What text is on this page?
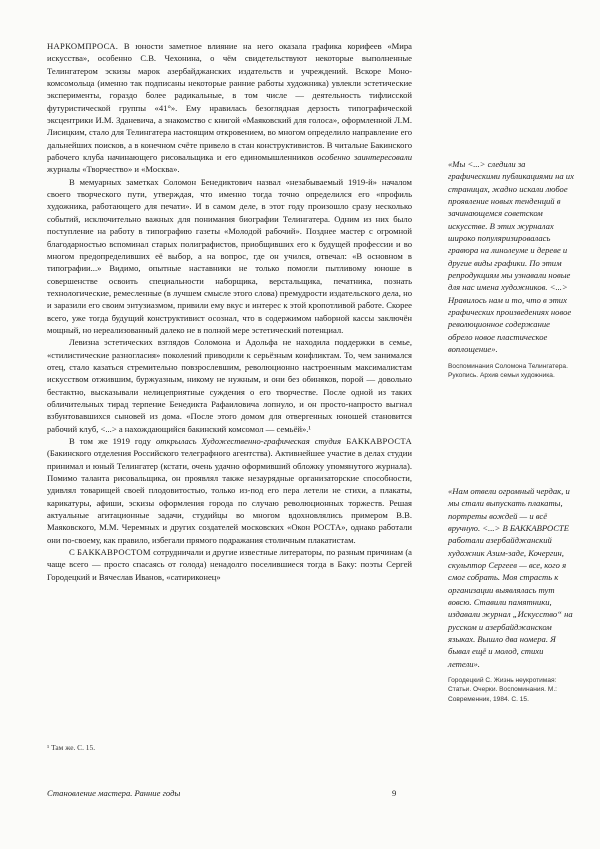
НАРКОМПРОСА. В юности заметное влияние на него оказала графика корифеев «Мира искусства», особенно С.В. Чехонина, о чём свидетельствуют некоторые выполненные Телингатером эскизы марок азербайджанских издательств и учреждений. Вскоре Моно-комсомольца (именно так подписаны некоторые ранние работы художника) увлекли эстетические эксперименты, гораздо более радикальные, в том числе — деятельность тифлисской футуристической группы «41°». Ему нравилась безоглядная дерзость типографической эксцентрики И.М. Зданевича, а знакомство с книгой «Маяковский для голоса», оформленной Л.М. Лисицким, стало для Телингатера настоящим откровением, во многом определило направление его дальнейших поисков, а в конечном счёте привело в стан конструктивистов. В читальне Бакинского рабочего клуба начинающего рисовальщика и его единомышленников особенно заинтересовали журналы «Творчество» и «Москва».

В мемуарных заметках Соломон Бенедиктович назвал «незабываемый 1919-й» началом своего творческого пути, утверждая, что именно тогда точно определился его «профиль художника, работающего для печати». И в самом деле, в этот году произошло сразу несколько событий, исключительно важных для понимания биографии Телингатера. Одним из них было поступление на работу в типографию газеты «Молодой рабочий». Позднее мастер с огромной благодарностью вспоминал старых полиграфистов, приобщивших его к будущей профессии и во многом предопределивших её выбор, а на вопрос, где он учился, отвечал: «В основном в типографии...» Видимо, опытные наставники не только помогли пытливому юноше в совершенстве освоить специальности наборщика, верстальщика, печатника, познать технологические, ремесленные (в лучшем смысле этого слова) премудрости издательского дела, но и заразили его своим энтузиазмом, привили ему вкус и интерес к этой кропотливой работе. Скорее всего, уже тогда будущий конструктивист осознал, что в содержимом наборной кассы заключён мощный, но нереализованный далеко не в полной мере эстетический потенциал.

Левизна эстетических взглядов Соломона и Адольфа не находила поддержки в семье, «стилистические разногласия» поколений приводили к серьёзным конфликтам. То, чем занимался отец, стало казаться стремительно повзрослевшим, революционно настроенным максималистам искусством отжившим, буржуазным, никому не нужным, и они без обиняков, порой — довольно бестактно, высказывали нелицеприятные суждения о его творчестве. После одной из таких обличительных тирад терпение Бенедикта Рафаиловича лопнуло, и он просто-напросто выгнал взбунтовавшихся сыновей из дома. «После этого домом для отвергенных юношей становится рабочий клуб, <...> а нахождающийся бакинский комсомол — семьёй».¹

В том же 1919 году открылась Художественно-графическая студия БАККАВРОСТА (Бакинского отделения Российского телеграфного агентства). Активнейшее участие в делах студии принимал и юный Телингатер (кстати, очень удачно оформивший обложку упомянутого журнала). Помимо таланта рисовальщика, он проявлял также незаурядные организаторские способности, удивлял товарищей своей плодовитостью, только из-под его пера летели не стихи, а плакаты, карикатуры, афиши, эскизы оформления города по случаю революционных торжеств. Решая актуальные агитационные задачи, студийцы во многом вдохновлялись примером В.В. Маяковского, М.М. Черемных и других создателей московских «Окон РОСТА», однако работали они по-своему, как правило, избегали прямого подражания столичным плакатистам.

С БАККАВРОСТОМ сотрудничали и другие известные литераторы, по разным причинам (а чаще всего — просто спасаясь от голода) ненадолго поселившиеся тогда в Баку: поэты Сергей Городецкий и Вячеслав Иванов, «сатириконец»

¹ Там же. С. 15.
Становление мастера. Ранние годы	9

«Мы <...> следили за графическими публикациями на их страницах, жадно искали любое проявление новых тенденций в зачинающемся советском искусстве. В этих журналах широко популяризировалась гравюра на линолеуме и дереве и другие виды графики. По этим репродукциям мы узнавали новые для нас имена художников. <...> Нравилось нам и то, что в этих графических произведениях новое революционное содержание обрело новое пластическое воплощение».

Воспоминания Соломона Телингатера. Рукопись. Архив семьи художника.

«Нам отвели огромный чердак, и мы стали выпускать плакаты, портреты вождей — и всё вручную. <...> В БАККАВРОСТЕ работали азербайджанский художник Азим-заде, Кочергин, скульптор Сергеев — все, кого я смог собрать. Моя страсть к организации выявлялась тут вовсю. Ставили памятники, издавали журнал „Искусство“ на русском и азербайджанском языках. Вышло два номера. Я бывал ещё и молод, стихи летели».

Городецкий С. Жизнь неукротимая: Статьи. Очерки. Воспоминания. М.: Современник, 1984. С. 15.
